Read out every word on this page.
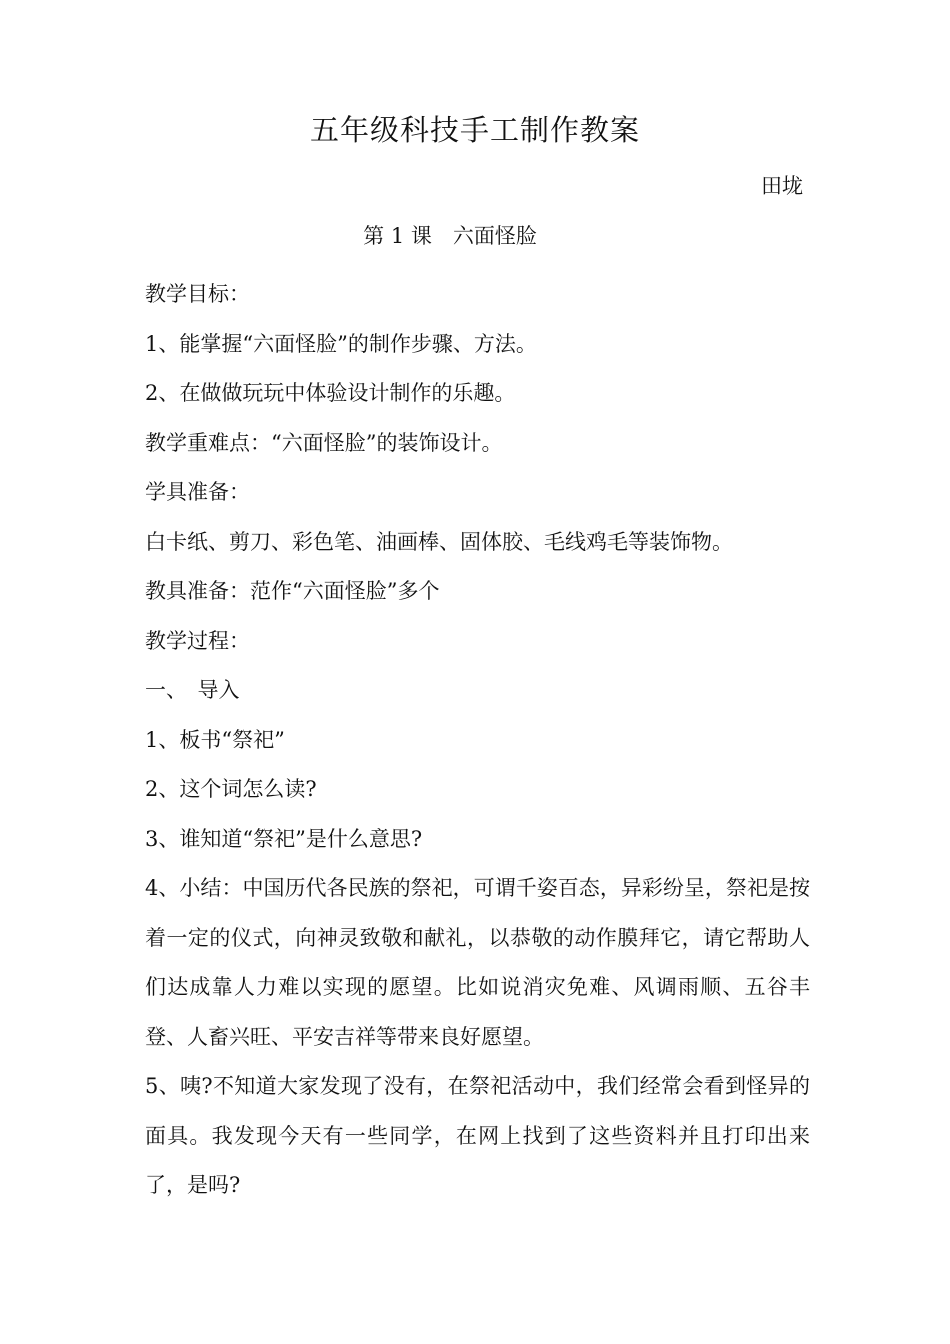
五年级科技手工制作教案
田垅
第 1 课　六面怪脸

教学目标：

1、能掌握“六面怪脸”的制作步骤、方法。

2、在做做玩玩中体验设计制作的乐趣。

教学重难点：“六面怪脸”的装饰设计。

学具准备：

白卡纸、剪刀、彩色笔、油画棒、固体胶、毛线鸡毛等装饰物。

教具准备：范作“六面怪脸”多个

教学过程：

一、　导入

1、板书“祭祀”

2、这个词怎么读?

3、谁知道“祭祀”是什么意思?

4、小结：中国历代各民族的祭祀，可谓千姿百态，异彩纷呈，祭祀是按着一定的仪式，向神灵致敬和献礼，以恭敬的动作膜拜它，请它帮助人们达成靠人力难以实现的愿望。比如说消灾免难、风调雨顺、五谷丰登、人畜兴旺、平安吉祥等带来良好愿望。

5、咦?不知道大家发现了没有，在祭祀活动中，我们经常会看到怪异的面具。我发现今天有一些同学，在网上找到了这些资料并且打印出来了，是吗?
